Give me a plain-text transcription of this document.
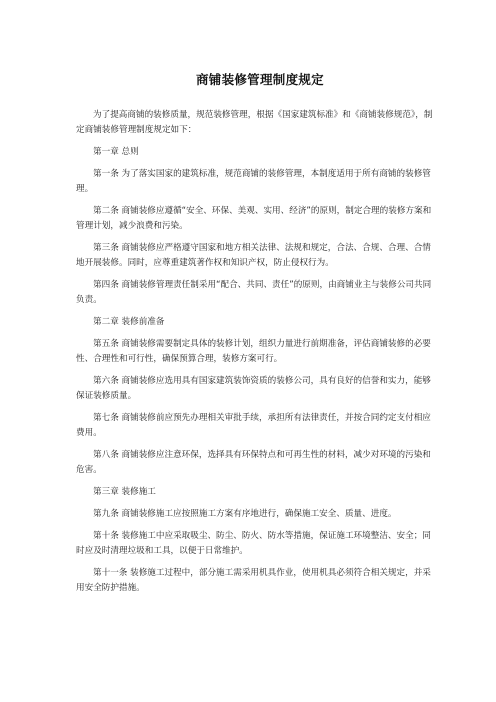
商铺装修管理制度规定

为了提高商铺的装修质量，规范装修管理，根据《国家建筑标准》和《商铺装修规范》，制定商铺装修管理制度规定如下：

第一章 总则

第一条 为了落实国家的建筑标准，规范商铺的装修管理，本制度适用于所有商铺的装修管理。

第二条 商铺装修应遵循“安全、环保、美观、实用、经济”的原则，制定合理的装修方案和管理计划，减少浪费和污染。

第三条 商铺装修应严格遵守国家和地方相关法律、法规和规定，合法、合规、合理、合情地开展装修。同时，应尊重建筑著作权和知识产权，防止侵权行为。

第四条 商铺装修管理责任制采用“配合、共同、责任”的原则，由商铺业主与装修公司共同负责。

第二章 装修前准备

第五条 商铺装修需要制定具体的装修计划，组织力量进行前期准备，评估商铺装修的必要性、合理性和可行性，确保预算合理，装修方案可行。

第六条 商铺装修应选用具有国家建筑装饰资质的装修公司，具有良好的信誉和实力，能够保证装修质量。

第七条 商铺装修前应预先办理相关审批手续，承担所有法律责任，并按合同约定支付相应费用。

第八条 商铺装修应注意环保，选择具有环保特点和可再生性的材料，减少对环境的污染和危害。

第三章 装修施工

第九条 商铺装修施工应按照施工方案有序地进行，确保施工安全、质量、进度。

第十条 装修施工中应采取吸尘、防尘、防火、防水等措施，保证施工环境整洁、安全；同时应及时清理垃圾和工具，以便于日常维护。

第十一条 装修施工过程中，部分施工需采用机具作业，使用机具必须符合相关规定，并采用安全防护措施。
